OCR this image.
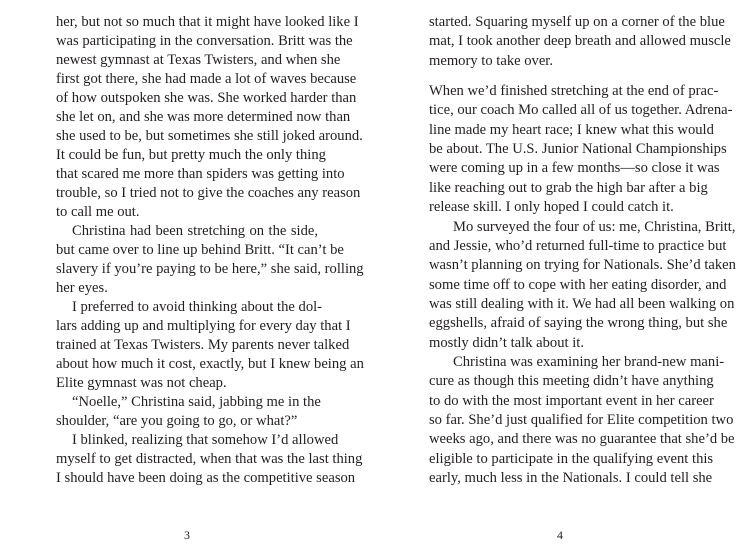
her, but not so much that it might have looked like I
was participating in the conversation. Britt was the
newest gymnast at Texas Twisters, and when she
first got there, she had made a lot of waves because
of how outspoken she was. She worked harder than
she let on, and she was more determined now than
she used to be, but sometimes she still joked around.
It could be fun, but pretty much the only thing
that scared me more than spiders was getting into
trouble, so I tried not to give the coaches any reason
to call me out.
Christina had been stretching on the side,
but came over to line up behind Britt. “It can’t be
slavery if you’re paying to be here,” she said, rolling
her eyes.
I preferred to avoid thinking about the dol-
lars adding up and multiplying for every day that I
trained at Texas Twisters. My parents never talked
about how much it cost, exactly, but I knew being an
Elite gymnast was not cheap.
“Noelle,” Christina said, jabbing me in the
shoulder, “are you going to go, or what?”
I blinked, realizing that somehow I’d allowed
myself to get distracted, when that was the last thing
I should have been doing as the competitive season
3
started. Squaring myself up on a corner of the blue
mat, I took another deep breath and allowed muscle
memory to take over.
When we’d finished stretching at the end of prac-
tice, our coach Mo called all of us together. Adrena-
line made my heart race; I knew what this would
be about. The U.S. Junior National Championships
were coming up in a few months—so close it was
like reaching out to grab the high bar after a big
release skill. I only hoped I could catch it.
Mo surveyed the four of us: me, Christina, Britt,
and Jessie, who’d returned full-time to practice but
wasn’t planning on trying for Nationals. She’d taken
some time off to cope with her eating disorder, and
was still dealing with it. We had all been walking on
eggshells, afraid of saying the wrong thing, but she
mostly didn’t talk about it.
Christina was examining her brand-new mani-
cure as though this meeting didn’t have anything
to do with the most important event in her career
so far. She’d just qualified for Elite competition two
weeks ago, and there was no guarantee that she’d be
eligible to participate in the qualifying event this
early, much less in the Nationals. I could tell she
4
